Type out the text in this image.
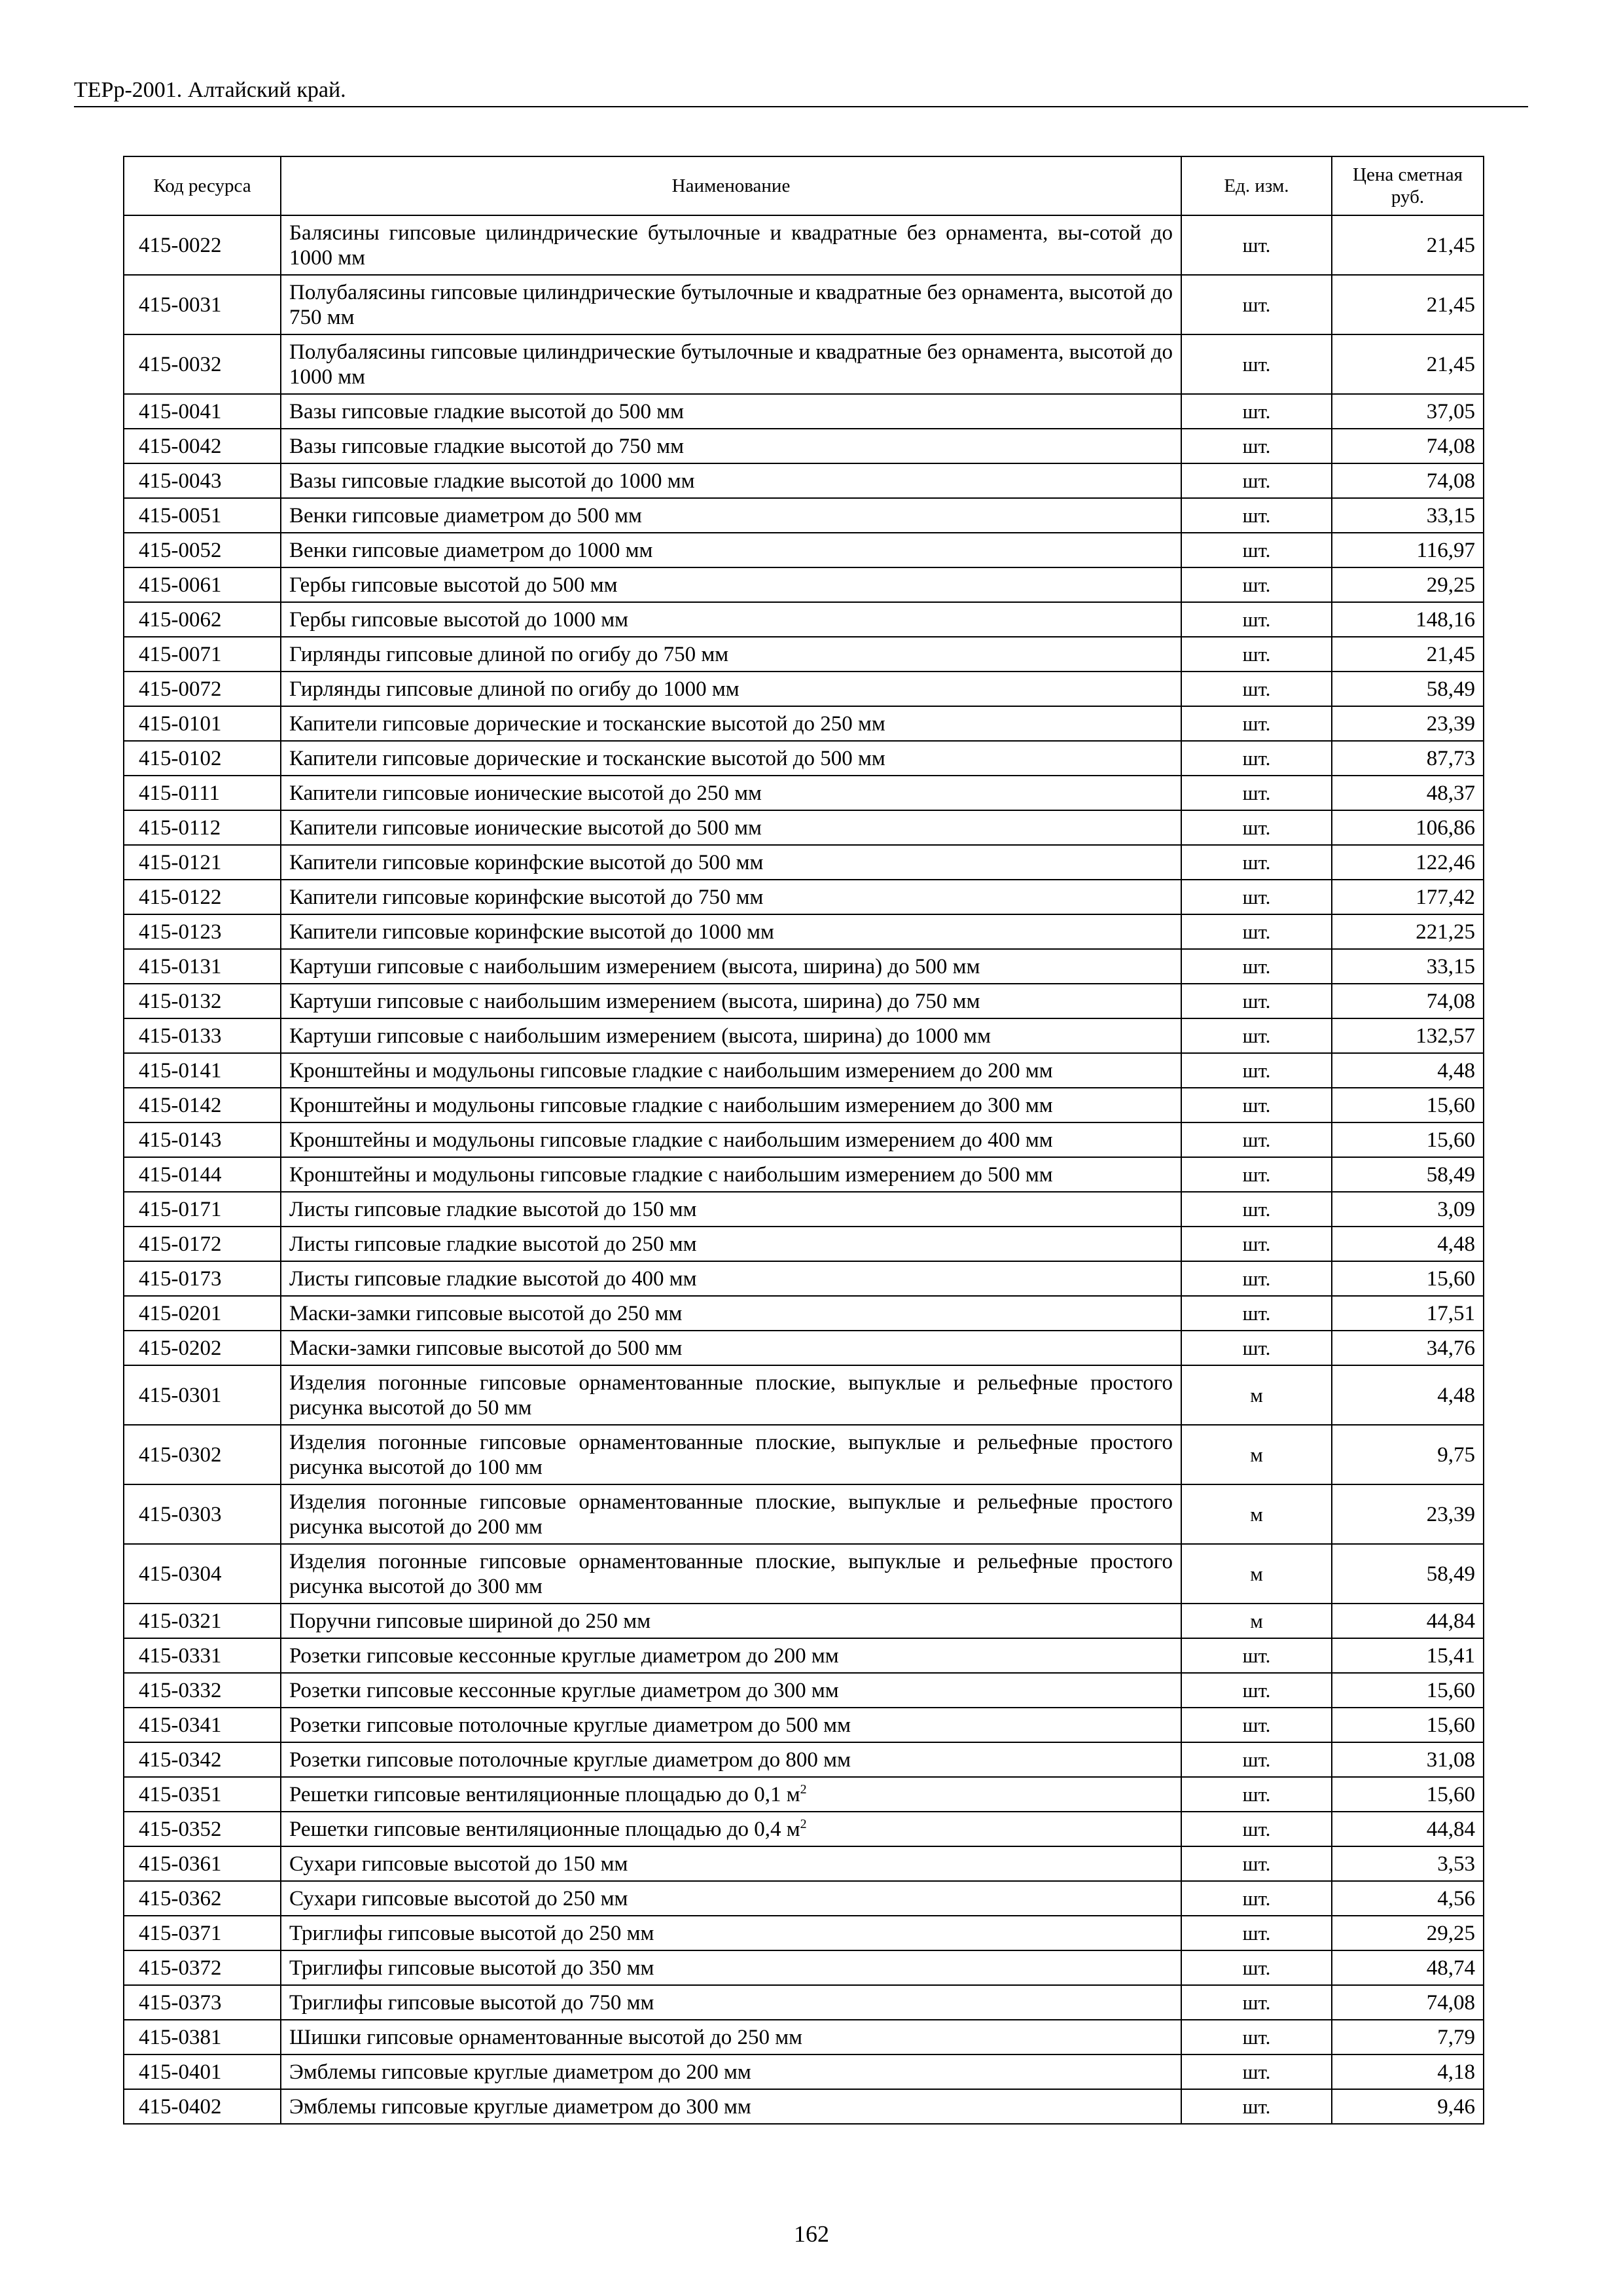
ТЕРр-2001. Алтайский край.
Код ресурса	Наименование	Ед. изм.	Цена сметная руб.
415-0022	Балясины гипсовые цилиндрические бутылочные и квадратные без орнамента, вы-сотой до 1000 мм	шт.	21,45
415-0031	Полубалясины гипсовые цилиндрические бутылочные и квадратные без орнамента, высотой до 750 мм	шт.	21,45
415-0032	Полубалясины гипсовые цилиндрические бутылочные и квадратные без орнамента, высотой до 1000 мм	шт.	21,45
415-0041	Вазы гипсовые гладкие высотой до 500 мм	шт.	37,05
415-0042	Вазы гипсовые гладкие высотой до 750 мм	шт.	74,08
415-0043	Вазы гипсовые гладкие высотой до 1000 мм	шт.	74,08
415-0051	Венки гипсовые диаметром до 500 мм	шт.	33,15
415-0052	Венки гипсовые диаметром до 1000 мм	шт.	116,97
415-0061	Гербы гипсовые высотой до 500 мм	шт.	29,25
415-0062	Гербы гипсовые высотой до 1000 мм	шт.	148,16
415-0071	Гирлянды гипсовые длиной по огибу до 750 мм	шт.	21,45
415-0072	Гирлянды гипсовые длиной по огибу до 1000 мм	шт.	58,49
415-0101	Капители гипсовые дорические и тосканские высотой до 250 мм	шт.	23,39
415-0102	Капители гипсовые дорические и тосканские высотой до 500 мм	шт.	87,73
415-0111	Капители гипсовые ионические высотой до 250 мм	шт.	48,37
415-0112	Капители гипсовые ионические высотой до 500 мм	шт.	106,86
415-0121	Капители гипсовые коринфские высотой до 500 мм	шт.	122,46
415-0122	Капители гипсовые коринфские высотой до 750 мм	шт.	177,42
415-0123	Капители гипсовые коринфские высотой до 1000 мм	шт.	221,25
415-0131	Картуши гипсовые с наибольшим измерением (высота, ширина) до 500 мм	шт.	33,15
415-0132	Картуши гипсовые с наибольшим измерением (высота, ширина) до 750 мм	шт.	74,08
415-0133	Картуши гипсовые с наибольшим измерением (высота, ширина) до 1000 мм	шт.	132,57
415-0141	Кронштейны и модульоны гипсовые гладкие с наибольшим измерением до 200 мм	шт.	4,48
415-0142	Кронштейны и модульоны гипсовые гладкие с наибольшим измерением до 300 мм	шт.	15,60
415-0143	Кронштейны и модульоны гипсовые гладкие с наибольшим измерением до 400 мм	шт.	15,60
415-0144	Кронштейны и модульоны гипсовые гладкие с наибольшим измерением до 500 мм	шт.	58,49
415-0171	Листы гипсовые гладкие высотой до 150 мм	шт.	3,09
415-0172	Листы гипсовые гладкие высотой до 250 мм	шт.	4,48
415-0173	Листы гипсовые гладкие высотой до 400 мм	шт.	15,60
415-0201	Маски-замки гипсовые высотой до 250 мм	шт.	17,51
415-0202	Маски-замки гипсовые высотой до 500 мм	шт.	34,76
415-0301	Изделия погонные гипсовые орнаментованные плоские, выпуклые и рельефные простого рисунка высотой до 50 мм	м	4,48
415-0302	Изделия погонные гипсовые орнаментованные плоские, выпуклые и рельефные простого рисунка высотой до 100 мм	м	9,75
415-0303	Изделия погонные гипсовые орнаментованные плоские, выпуклые и рельефные простого рисунка высотой до 200 мм	м	23,39
415-0304	Изделия погонные гипсовые орнаментованные плоские, выпуклые и рельефные простого рисунка высотой до 300 мм	м	58,49
415-0321	Поручни гипсовые шириной до 250 мм	м	44,84
415-0331	Розетки гипсовые кессонные круглые диаметром до 200 мм	шт.	15,41
415-0332	Розетки гипсовые кессонные круглые диаметром до 300 мм	шт.	15,60
415-0341	Розетки гипсовые потолочные круглые диаметром до 500 мм	шт.	15,60
415-0342	Розетки гипсовые потолочные круглые диаметром до 800 мм	шт.	31,08
415-0351	Решетки гипсовые вентиляционные площадью до 0,1 $м^2$	шт.	15,60
415-0352	Решетки гипсовые вентиляционные площадью до 0,4 $м^2$	шт.	44,84
415-0361	Сухари гипсовые высотой до 150 мм	шт.	3,53
415-0362	Сухари гипсовые высотой до 250 мм	шт.	4,56
415-0371	Триглифы гипсовые высотой до 250 мм	шт.	29,25
415-0372	Триглифы гипсовые высотой до 350 мм	шт.	48,74
415-0373	Триглифы гипсовые высотой до 750 мм	шт.	74,08
415-0381	Шишки гипсовые орнаментованные высотой до 250 мм	шт.	7,79
415-0401	Эмблемы гипсовые круглые диаметром до 200 мм	шт.	4,18
415-0402	Эмблемы гипсовые круглые диаметром до 300 мм	шт.	9,46
162
